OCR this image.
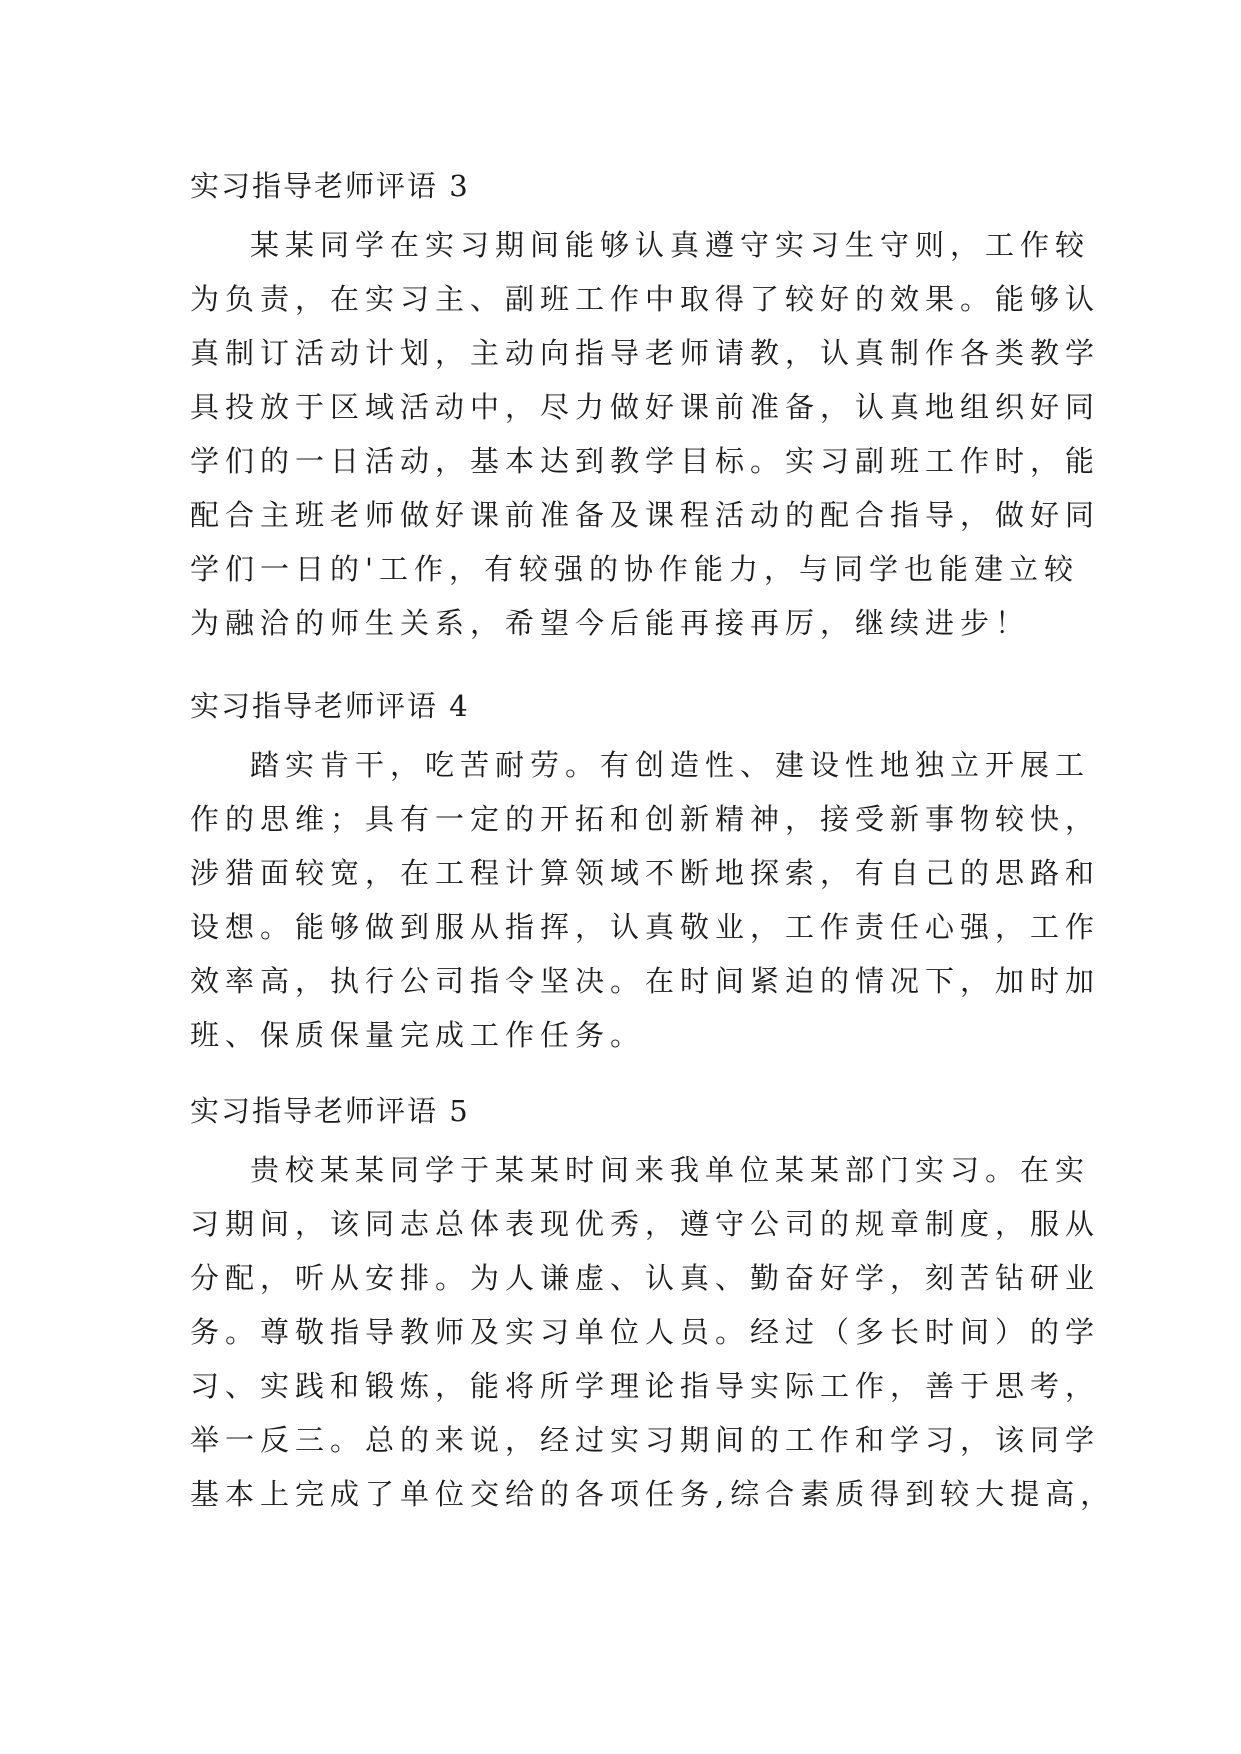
实习指导老师评语 3
某某同学在实习期间能够认真遵守实习生守则，工作较
为负责，在实习主、副班工作中取得了较好的效果。能够认
真制订活动计划，主动向指导老师请教，认真制作各类教学
具投放于区域活动中，尽力做好课前准备，认真地组织好同
学们的一日活动，基本达到教学目标。实习副班工作时，能
配合主班老师做好课前准备及课程活动的配合指导，做好同
学们一日的'工作，有较强的协作能力，与同学也能建立较
为融洽的师生关系，希望今后能再接再厉，继续进步！
实习指导老师评语 4
踏实肯干，吃苦耐劳。有创造性、建设性地独立开展工
作的思维；具有一定的开拓和创新精神，接受新事物较快，
涉猎面较宽，在工程计算领域不断地探索，有自己的思路和
设想。能够做到服从指挥，认真敬业，工作责任心强，工作
效率高，执行公司指令坚决。在时间紧迫的情况下，加时加
班、保质保量完成工作任务。
实习指导老师评语 5
贵校某某同学于某某时间来我单位某某部门实习。在实
习期间，该同志总体表现优秀，遵守公司的规章制度，服从
分配，听从安排。为人谦虚、认真、勤奋好学，刻苦钻研业
务。尊敬指导教师及实习单位人员。经过（多长时间）的学
习、实践和锻炼，能将所学理论指导实际工作，善于思考，
举一反三。总的来说，经过实习期间的工作和学习，该同学
基本上完成了单位交给的各项任务,综合素质得到较大提高，
